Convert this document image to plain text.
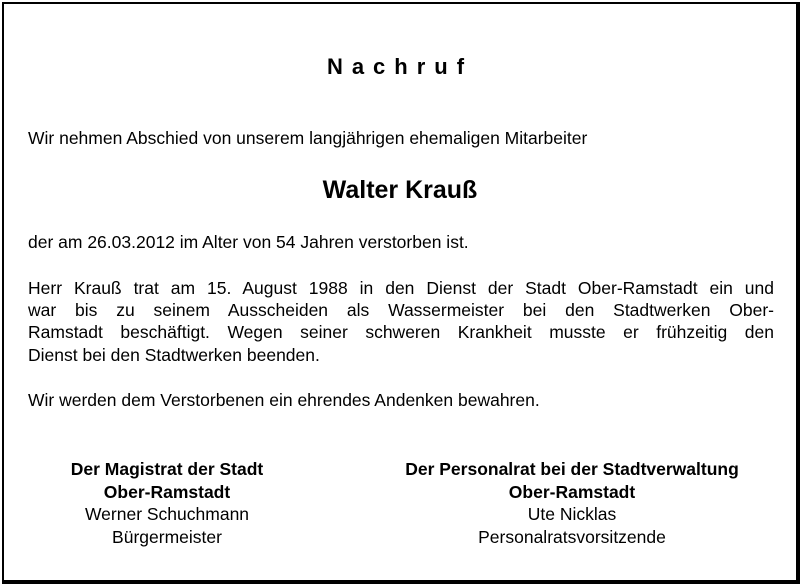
Nachruf
Wir nehmen Abschied von unserem langjährigen ehemaligen Mitarbeiter
Walter Krauß
der am 26.03.2012 im Alter von 54 Jahren verstorben ist.
Herr Krauß trat am 15. August 1988 in den Dienst der Stadt Ober-Ramstadt ein und
war bis zu seinem Ausscheiden als Wassermeister bei den Stadtwerken Ober-
Ramstadt beschäftigt. Wegen seiner schweren Krankheit musste er frühzeitig den
Dienst bei den Stadtwerken beenden.
Wir werden dem Verstorbenen ein ehrendes Andenken bewahren.
Der Magistrat der Stadt
Ober-Ramstadt
Werner Schuchmann
Bürgermeister
Der Personalrat bei der Stadtverwaltung
Ober-Ramstadt
Ute Nicklas
Personalratsvorsitzende
